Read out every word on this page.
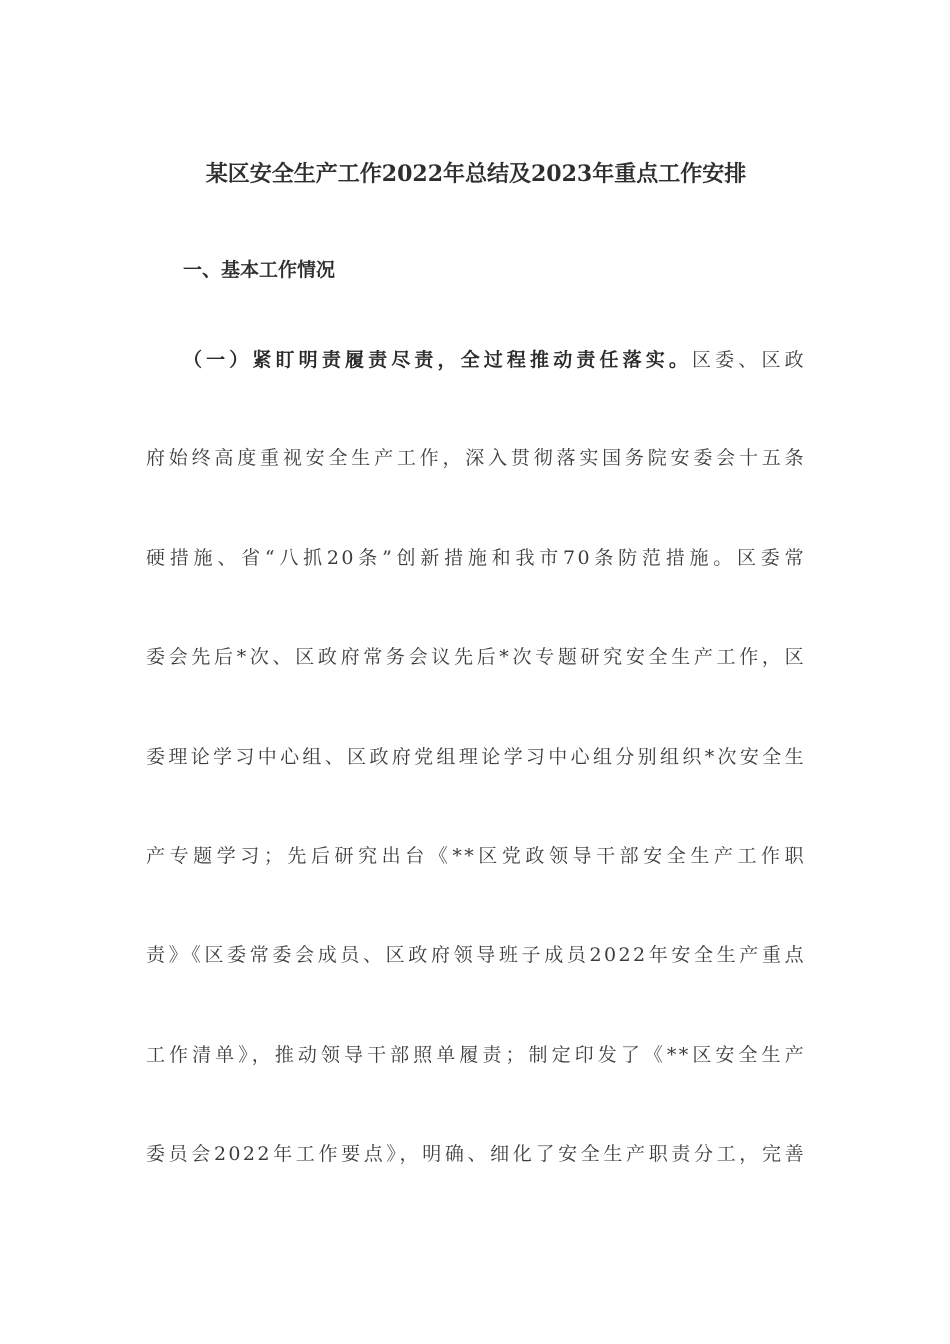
某区安全生产工作2022年总结及2023年重点工作安排
一、基本工作情况
（一）紧盯明责履责尽责，全过程推动责任落实。区委、区政
府始终高度重视安全生产工作，深入贯彻落实国务院安委会十五条
硬措施、省“八抓20条”创新措施和我市70条防范措施。区委常
委会先后*次、区政府常务会议先后*次专题研究安全生产工作，区
委理论学习中心组、区政府党组理论学习中心组分别组织*次安全生
产专题学习；先后研究出台《**区党政领导干部安全生产工作职
责》《区委常委会成员、区政府领导班子成员2022年安全生产重点
工作清单》，推动领导干部照单履责；制定印发了《**区安全生产
委员会2022年工作要点》，明确、细化了安全生产职责分工，完善
